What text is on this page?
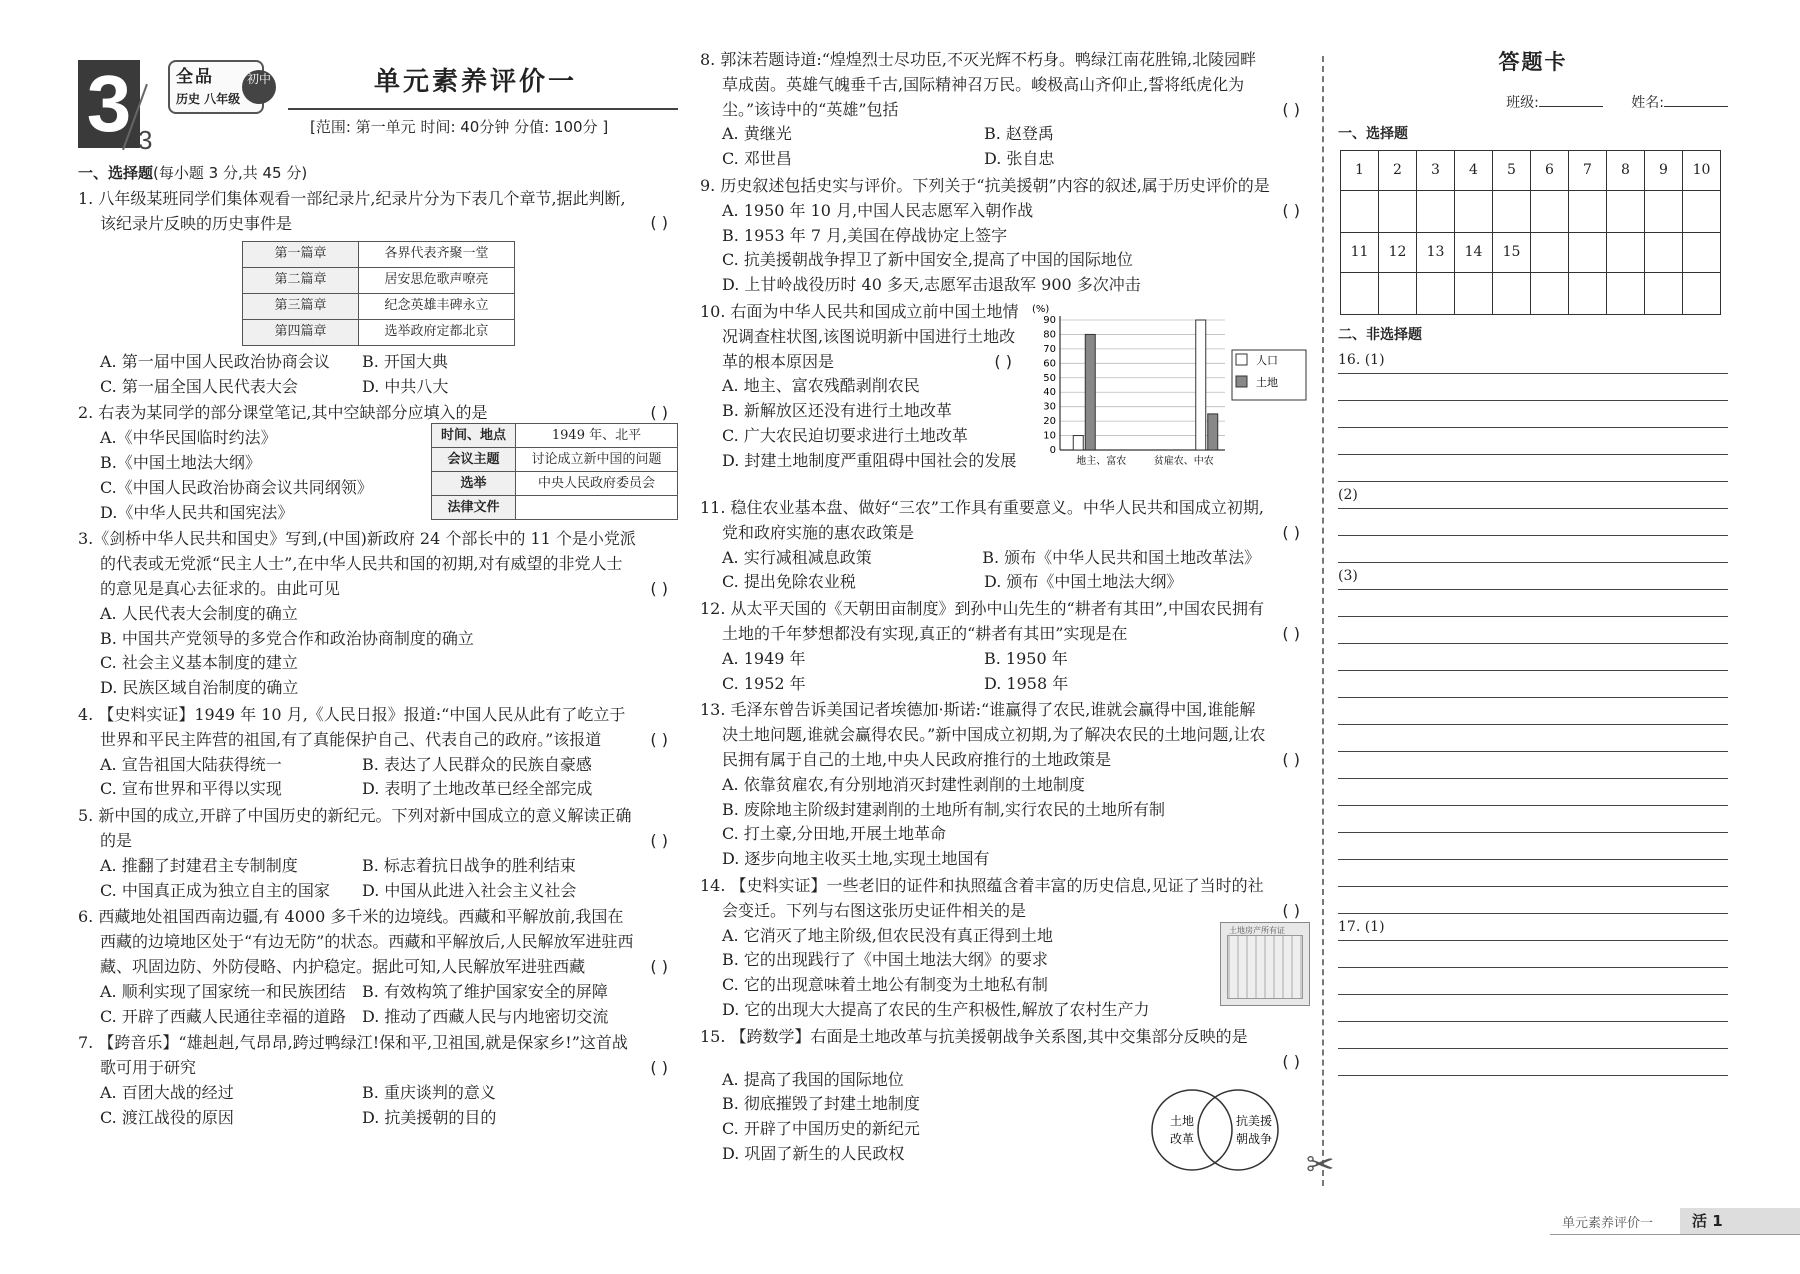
3 3
全品
历史 八年级
初中	单元素养评价一
[范围: 第一单元 时间: 40分钟 分值: 100分 ]
一、选择题(每小题 3 分,共 45 分)
1. 八年级某班同学们集体观看一部纪录片,纪录片分为下表几个章节,据此判断,该纪录片反映的历史事件是	( )
第一篇章	各界代表齐聚一堂
第二篇章	居安思危歌声嘹亮
第三篇章	纪念英雄丰碑永立
第四篇章	选举政府定都北京
A. 第一届中国人民政治协商会议	B. 开国大典
C. 第一届全国人民代表大会	D. 中共八大
2. 右表为某同学的部分课堂笔记,其中空缺部分应填入的是	( )
时间、地点	1949 年、北平
会议主题	讨论成立新中国的问题
选举	中央人民政府委员会
法律文件	
A.《中华民国临时约法》
B.《中国土地法大纲》
C.《中国人民政治协商会议共同纲领》
D.《中华人民共和国宪法》
3.《剑桥中华人民共和国史》写到,(中国)新政府 24 个部长中的 11 个是小党派的代表或无党派“民主人士”,在中华人民共和国的初期,对有威望的非党人士的意见是真心去征求的。由此可见	( )
A. 人民代表大会制度的确立
B. 中国共产党领导的多党合作和政治协商制度的确立
C. 社会主义基本制度的建立
D. 民族区域自治制度的确立
4. 【史料实证】1949 年 10 月,《人民日报》报道:“中国人民从此有了屹立于世界和平民主阵营的祖国,有了真能保护自己、代表自己的政府。”该报道	( )
A. 宣告祖国大陆获得统一	B. 表达了人民群众的民族自豪感
C. 宣布世界和平得以实现	D. 表明了土地改革已经全部完成
5. 新中国的成立,开辟了中国历史的新纪元。下列对新中国成立的意义解读正确的是	( )
A. 推翻了封建君主专制制度	B. 标志着抗日战争的胜利结束
C. 中国真正成为独立自主的国家	D. 中国从此进入社会主义社会
6. 西藏地处祖国西南边疆,有 4000 多千米的边境线。西藏和平解放前,我国在西藏的边境地区处于“有边无防”的状态。西藏和平解放后,人民解放军进驻西藏、巩固边防、外防侵略、内护稳定。据此可知,人民解放军进驻西藏	( )
A. 顺利实现了国家统一和民族团结	B. 有效构筑了维护国家安全的屏障
C. 开辟了西藏人民通往幸福的道路	D. 推动了西藏人民与内地密切交流
7. 【跨音乐】“雄赳赳,气昂昂,跨过鸭绿江!保和平,卫祖国,就是保家乡!”这首战歌可用于研究	( )
A. 百团大战的经过	B. 重庆谈判的意义
C. 渡江战役的原因	D. 抗美援朝的目的
8. 郭沫若题诗道:“煌煌烈士尽功臣,不灭光辉不朽身。鸭绿江南花胜锦,北陵园畔草成茵。英雄气魄垂千古,国际精神召万民。峻极高山齐仰止,誓将纸虎化为尘。”该诗中的“英雄”包括	( )
A. 黄继光	B. 赵登禹
C. 邓世昌	D. 张自忠
9. 历史叙述包括史实与评价。下列关于“抗美援朝”内容的叙述,属于历史评价的是
( )
A. 1950 年 10 月,中国人民志愿军入朝作战
B. 1953 年 7 月,美国在停战协定上签字
C. 抗美援朝战争捍卫了新中国安全,提高了中国的国际地位
D. 上甘岭战役历时 40 多天,志愿军击退敌军 900 多次冲击
10. 右面为中华人民共和国成立前中国土地情况调查柱状图,该图说明新中国进行土地改革的根本原因是	( )
A. 地主、富农残酷剥削农民
B. 新解放区还没有进行土地改革
C. 广大农民迫切要求进行土地改革
D. 封建土地制度严重阻碍中国社会的发展
(%)
0
10
20
30
40
50
60
70
80
90
地主、富农	贫雇农、中农
人口
土地
11. 稳住农业基本盘、做好“三农”工作具有重要意义。中华人民共和国成立初期,党和政府实施的惠农政策是	( )
A. 实行减租减息政策	B. 颁布《中华人民共和国土地改革法》
C. 提出免除农业税	D. 颁布《中国土地法大纲》
12. 从太平天国的《天朝田亩制度》到孙中山先生的“耕者有其田”,中国农民拥有土地的千年梦想都没有实现,真正的“耕者有其田”实现是在	( )
A. 1949 年	B. 1950 年
C. 1952 年	D. 1958 年
13. 毛泽东曾告诉美国记者埃德加·斯诺:“谁赢得了农民,谁就会赢得中国,谁能解决土地问题,谁就会赢得农民。”新中国成立初期,为了解决农民的土地问题,让农民拥有属于自己的土地,中央人民政府推行的土地政策是	( )
A. 依靠贫雇农,有分别地消灭封建性剥削的土地制度
B. 废除地主阶级封建剥削的土地所有制,实行农民的土地所有制
C. 打土豪,分田地,开展土地革命
D. 逐步向地主收买土地,实现土地国有
14. 【史料实证】一些老旧的证件和执照蕴含着丰富的历史信息,见证了当时的社会变迁。下列与右图这张历史证件相关的是	( )
A. 它消灭了地主阶级,但农民没有真正得到土地
B. 它的出现践行了《中国土地法大纲》的要求
C. 它的出现意味着土地公有制变为土地私有制
D. 它的出现大大提高了农民的生产积极性,解放了农村生产力
土地房产所有证
15. 【跨数学】右面是土地改革与抗美援朝战争关系图,其中交集部分反映的是
( )
A. 提高了我国的国际地位
B. 彻底摧毁了封建土地制度
C. 开辟了中国历史的新纪元
D. 巩固了新生的人民政权
土地
改革
抗美援
朝战争
✂
答题卡
班级:	姓名:
一、选择题
1	2	3	4	5	6	7	8	9	10

11	12	13	14	15					

二、非选择题
16. (1)
(2)
(3)
17. (1)
单元素养评价一	活 1
